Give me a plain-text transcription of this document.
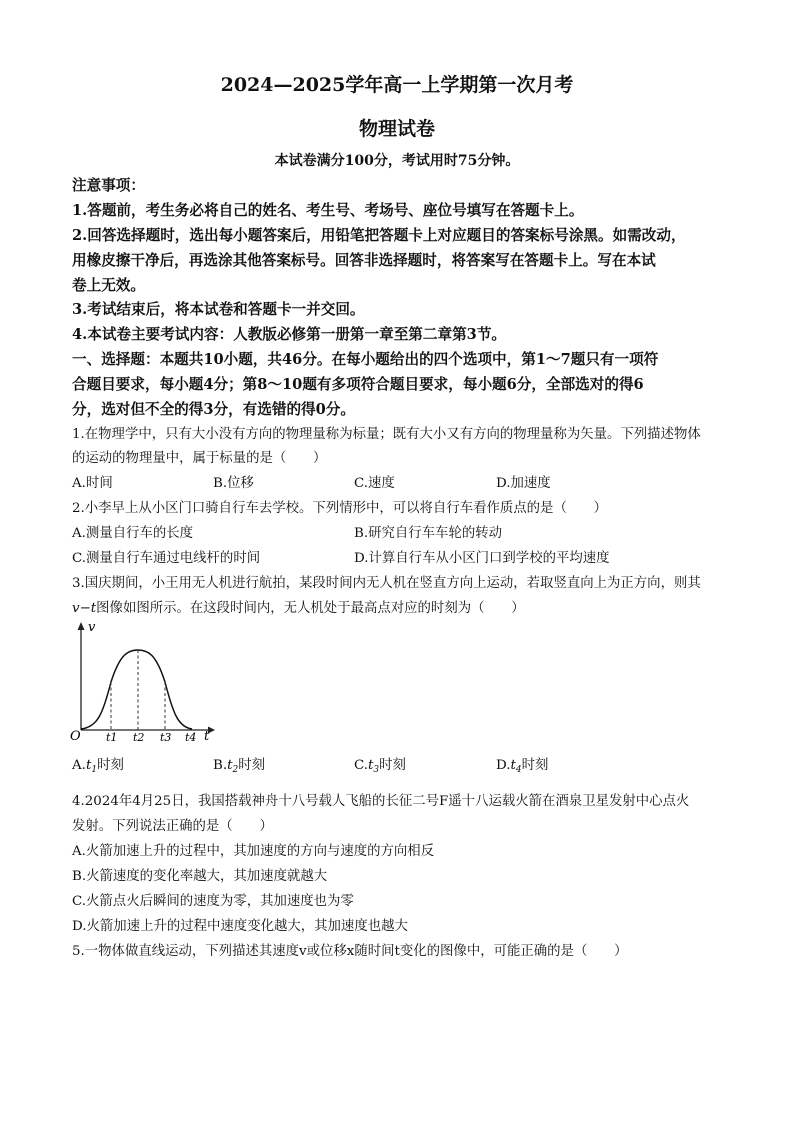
2024—2025学年高一上学期第一次月考
物理试卷
本试卷满分100分，考试用时75分钟。
注意事项：
1.答题前，考生务必将自己的姓名、考生号、考场号、座位号填写在答题卡上。
2.回答选择题时，选出每小题答案后，用铅笔把答题卡上对应题目的答案标号涂黑。如需改动，
用橡皮擦干净后，再选涂其他答案标号。回答非选择题时，将答案写在答题卡上。写在本试
卷上无效。
3.考试结束后，将本试卷和答题卡一并交回。
4.本试卷主要考试内容：人教版必修第一册第一章至第二章第3节。
一、选择题：本题共10小题，共46分。在每小题给出的四个选项中，第1～7题只有一项符
合题目要求，每小题4分；第8～10题有多项符合题目要求，每小题6分，全部选对的得6
分，选对但不全的得3分，有选错的得0分。
1.在物理学中，只有大小没有方向的物理量称为标量；既有大小又有方向的物理量称为矢量。下列描述物体
的运动的物理量中，属于标量的是（　　）
A.时间	B.位移	C.速度	D.加速度
2.小李早上从小区门口骑自行车去学校。下列情形中，可以将自行车看作质点的是（　　）
A.测量自行车的长度	B.研究自行车车轮的转动
C.测量自行车通过电线杆的时间	D.计算自行车从小区门口到学校的平均速度
3.国庆期间，小王用无人机进行航拍，某段时间内无人机在竖直方向上运动，若取竖直向上为正方向，则其
v−t图像如图所示。在这段时间内，无人机处于最高点对应的时刻为（　　）
v
O	t
t1 t2 t3 t4
$A.t_1$时刻	$B.t_2$时刻	$C.t_3$时刻	$D.t_4$时刻
4.2024年4月25日，我国搭载神舟十八号载人飞船的长征二号F遥十八运载火箭在酒泉卫星发射中心点火
发射。下列说法正确的是（　　）
A.火箭加速上升的过程中，其加速度的方向与速度的方向相反
B.火箭速度的变化率越大，其加速度就越大
C.火箭点火后瞬间的速度为零，其加速度也为零
D.火箭加速上升的过程中速度变化越大，其加速度也越大
5.一物体做直线运动，下列描述其速度v或位移x随时间t变化的图像中，可能正确的是（　　）
